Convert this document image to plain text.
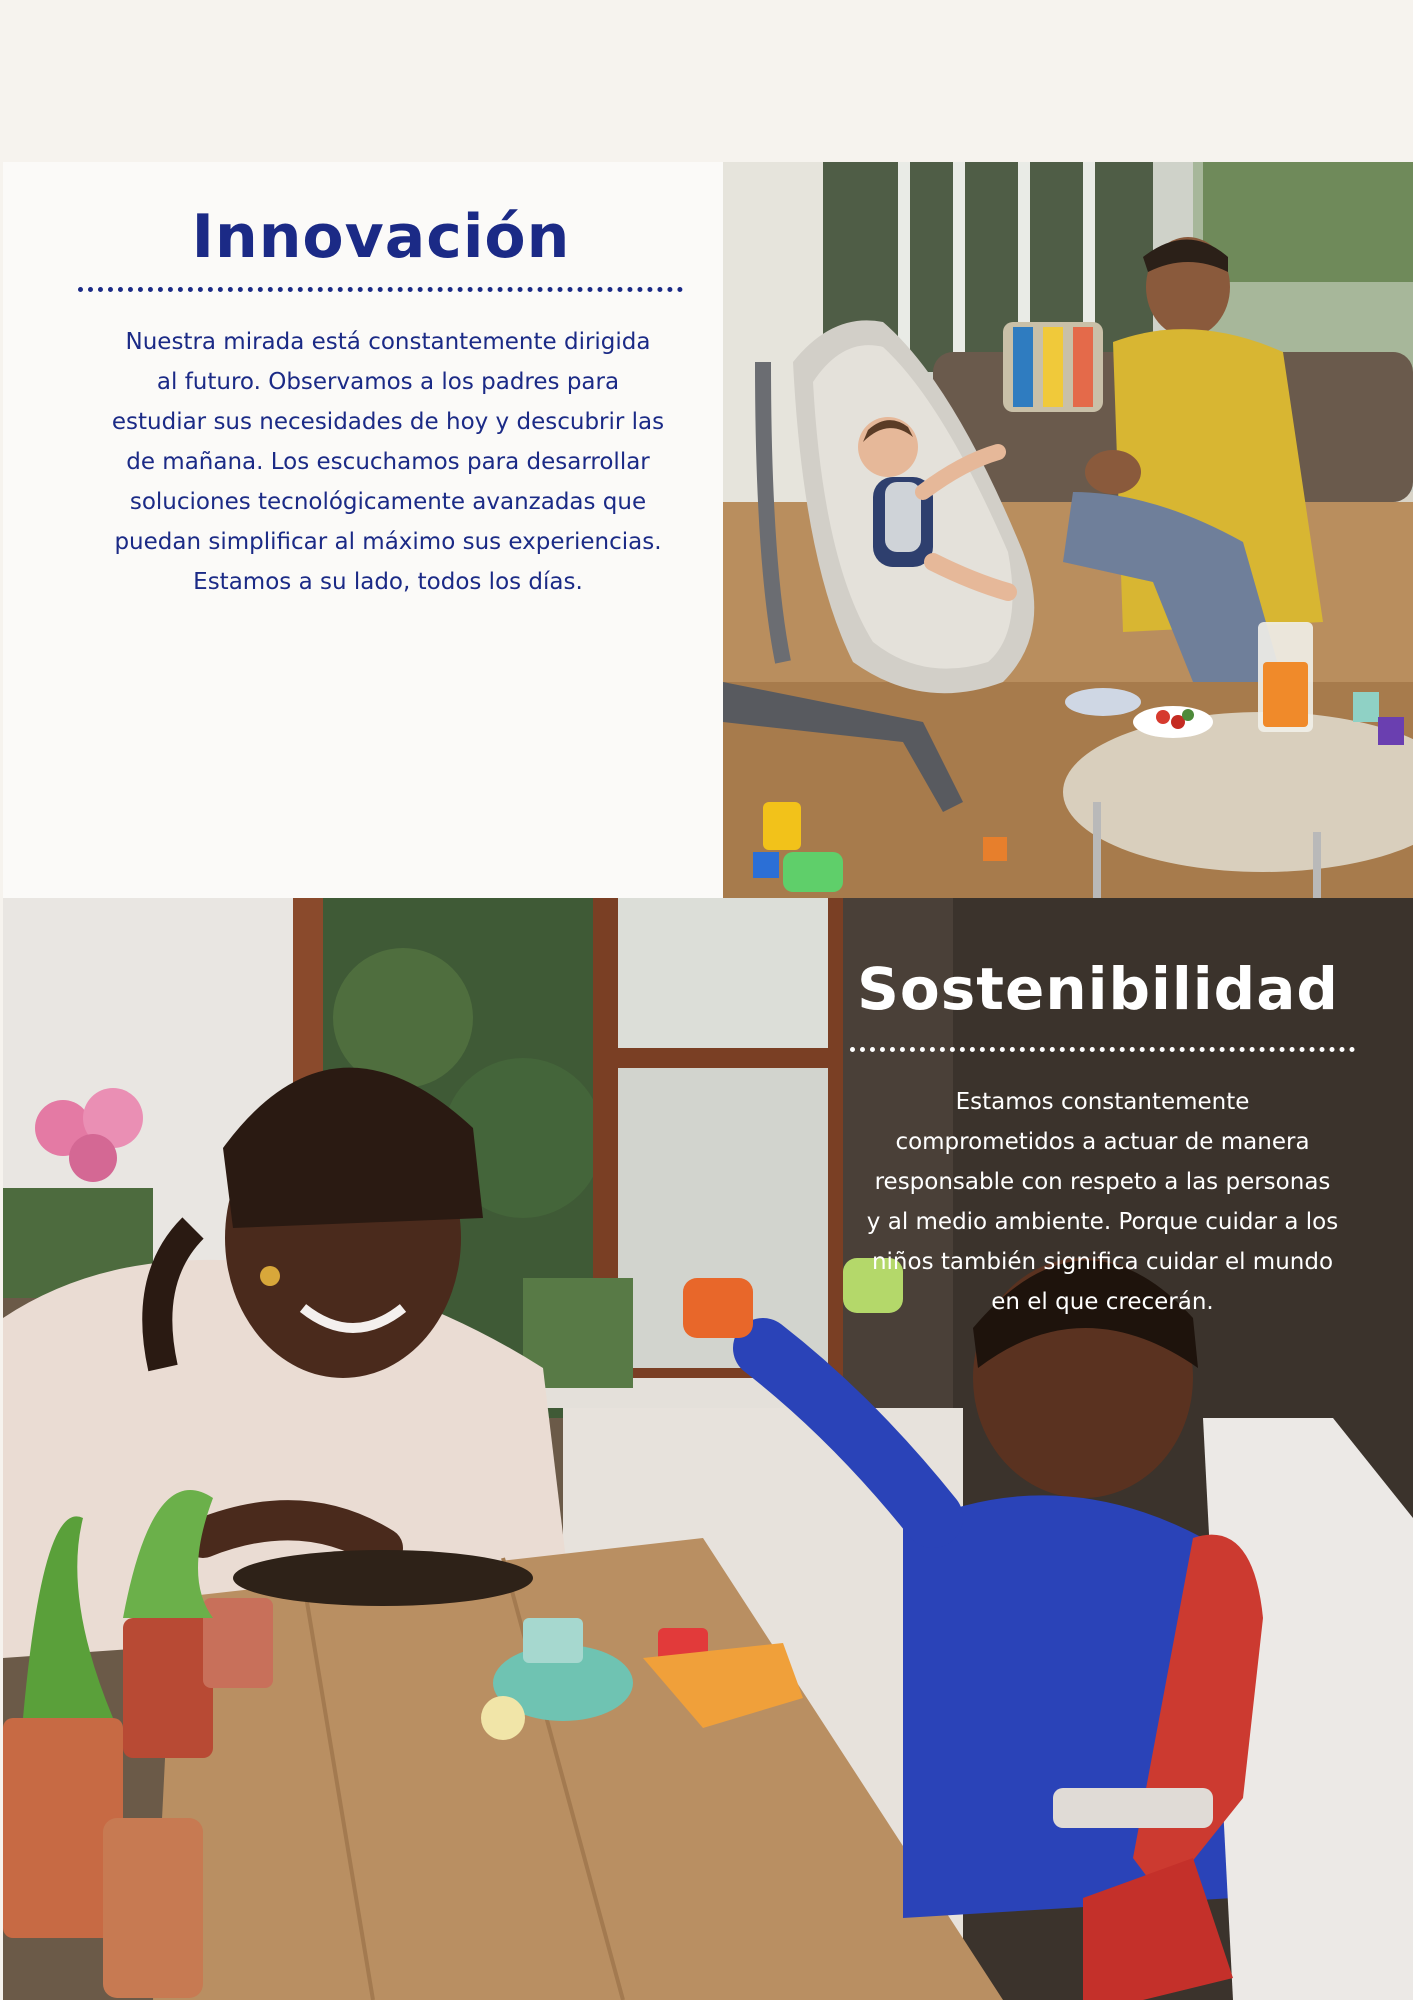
Innovación

Nuestra mirada está constantemente dirigida
al futuro. Observamos a los padres para
estudiar sus necesidades de hoy y descubrir las
de mañana. Los escuchamos para desarrollar
soluciones tecnológicamente avanzadas que
puedan simplificar al máximo sus experiencias.
Estamos a su lado, todos los días.

Sostenibilidad

Estamos constantemente
comprometidos a actuar de manera
responsable con respeto a las personas
y al medio ambiente. Porque cuidar a los
niños también significa cuidar el mundo
en el que crecerán.
